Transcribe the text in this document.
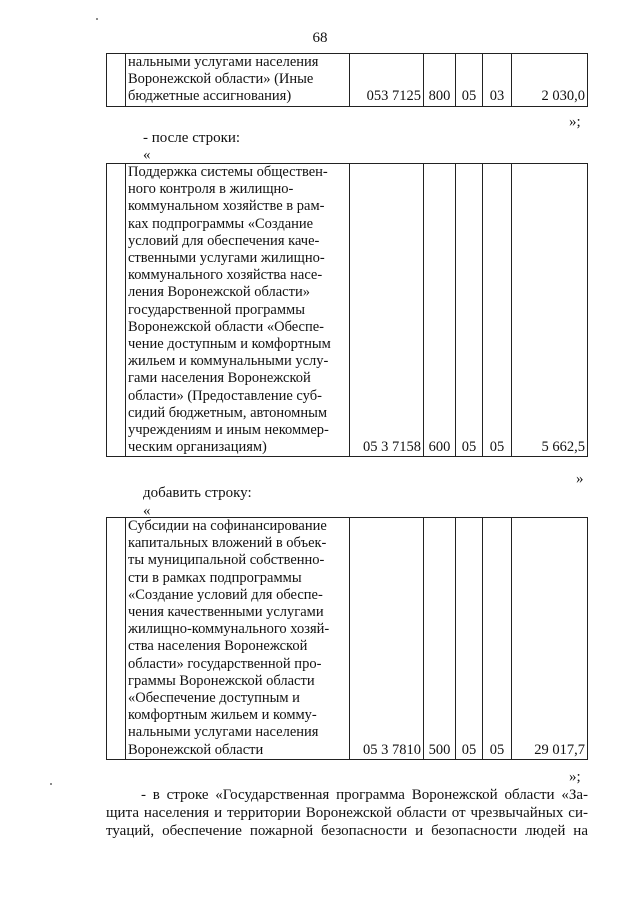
68

нальными услугами населения
Воронежской области» (Иные
бюджетные ассигнования)	053 7125	800	05	03	2 030,0
»;
- после строки:
«

Поддержка системы обществен-
ного контроля в жилищно-
коммунальном хозяйстве в рам-
ках подпрограммы «Создание
условий для обеспечения каче-
ственными услугами жилищно-
коммунального хозяйства насе-
ления Воронежской области»
государственной программы
Воронежской области «Обеспе-
чение доступным и комфортным
жильем и коммунальными услу-
гами населения Воронежской
области» (Предоставление суб-
сидий бюджетным, автономным
учреждениям и иным некоммер-
ческим организациям)	05 3 7158	600	05	05	5 662,5
»
добавить строку:
«

Субсидии на софинансирование
капитальных вложений в объек-
ты муниципальной собственно-
сти в рамках подпрограммы
«Создание условий для обеспе-
чения качественными услугами
жилищно-коммунального хозяй-
ства населения Воронежской
области» государственной про-
граммы Воронежской области
«Обеспечение доступным и
комфортным жильем и комму-
нальными услугами населения
Воронежской области	05 3 7810	500	05	05	29 017,7
»;
- в строке «Государственная программа Воронежской области «За-
щита населения и территории Воронежской области от чрезвычайных си-
туаций, обеспечение пожарной безопасности и безопасности людей на
